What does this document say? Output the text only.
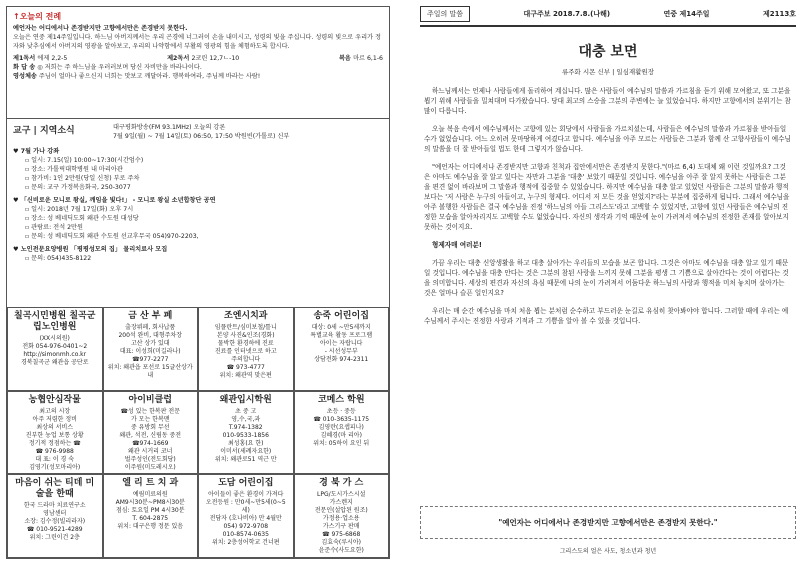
↑오늘의 전례
예언자는 어디에서나 존경받지만 고향에서만은 존경받지 못한다.
오늘은 연중 제14주일입니다. 하느님 아버지께서는 우리 곤경에 너그러이 손을 내미시고, 성령의 빛을 주십니다. 성령의 빛으로 우리가 정자와 낮추심에서 아버지의 영광을 알아보고, 우리의 나약함에서 부활의 영광의 힘을 체험하도록 합시다.
제1독서 에제 2,2-5	제2독서 2코린 12,7ㄴ-10	복음 마르 6,1-6
화 답 송 ◎ 저희는 주 하느님을 우러러보며 당신 자비만을 바라나이다.
영성체송 주님이 얼마나 좋으신지 너희는 맛보고 깨달아라. 행복하여라, 주님께 바라는 사람!
교구 | 지역소식	대구평화방송(FM 93.1MHz) 오늘의 강론
7월 9일(월) ~ 7월 14일(토) 06:50, 17:50 박원빈(가톨로) 신부
♥ 7월 가나 강좌
▫ 일시: 7.15(일) 10:00~17:30(시간엄수)
▫ 장소: 가톨릭대학병원 내 마리아관
▫ 참가비: 1인 2만원(당일 신청) 부로 주차
▫ 문의: 교구 가정복음화국, 250-3077
♥ 「신비로운 모니로 왕실, 깨임을 빛다!」 - 모니로 왕실 소년합창단 공연
▫ 일시: 2018년 7월 17일(화) 오후 7시
▫ 장소: 성 베네딕도회 왜관 수도원 대성당
▫ 관람료: 전석 2만원
▫ 문의: 성 베네딕도회 왜관 수도원 선교후무국 054)970-2203,
♥ 노인전문요양병원 「평평성모의 집」 물리치료사 모집
▫ 문의: 054)435-8122
칠곡시민병원 칠곡군립노인병원
(XX시의원)
전화 054-976-0401~2
http://simonmh.co.kr
경북칠곡군 왜관읍 공단로
금 산 부 페
출장뷔페, 회사납품
200석 완비, 대형주차장
고산 상가 있대
대표: 이성희(미길라나)
☎977-2277
위치: 왜관읍 포선로 15글산상가 내
조엔시치과
임플란트/심미보철/틀니
본양 사진&인조(경화)
물박한 환경하에 진료
진료를 인터넷으로 하고
주의합니다
☎ 973-4777
위치: 왜관역 맞은편
송죽 어린이집
대상: 0세 ~만5세까지
특별교육 활동 프로그램
아이는 자랍니다
- 시선성무부
상담전화 974-2311
농협안심작물
최고의 시장
아주 저렴한 정비
최상의 서비스
진부한 농업 보통 상황
정기적 정점하는 ☎
☎ 976-9988
대 표: 이 경 숙
김영기(성모마리아)
아이비클럽
☎성 있는 한복판 전문
가 모는 한복맨
중 유방회 무선
왜관, 석전, 신림동 중전
☎974-1669
왜관 시거리 코너
벌주성인(전도회당)
이주원(미도레시오)
왜관입시학원
초 중 고
영,수,국,과
T.974-1382
010-9533-1856
최성홍(요 한)
이미서(세례자요한)
위치: 왜관로51 역근 만
코메스 학원
초등 · 중등
☎ 010-3635-1175
김영란(요셉피나)
김혜경(마 리아)
위치: 05하이 요인 뒤
마음이 쉬는 티데 미술을 한때
한국 드라마 치료연구소
영남센터
소장: 김수정(빌리라자)
☎ 010-9521-4289
위치: 그린이건 2층
엘 리 트 치 과
예림미료의원
AM9시30분~PM8시30분
점심: 토요일 PM 4시30분
T. 604-2875
위치: 대구은행 정문 있음
도담 어린이집
아이들이 좋은 환경이 가져다
오전등원 : 만0세~만5세(0~5세)
전담자 (호나비아) 만 4월만
054) 972-9708
010-8574-0635
위치: 2층성어학교 건너편
경 북 가 스
LPG/도시가스시설
가스렌지
전문인(설압된 원조)
가정용·업소용
가스기구 판매
☎ 975-6868
김효숙(루시아)
윤준수(사도요한)
주일의 말씀	대구주보 2018.7.8.(나해)	연중 제14주일	제2113호
대충 보면
류주화 시몬 신부 | 일심재활원장

하느님께서는 언제나 사람들에게 돌리하여 계십니다. 많은 사람들이 예수님의 말씀과 가르침을 듣기 위해 모여왔고, 또 그분을 뵙기 위해 사람들을 밀쳐대며 다가왔습니다. 당대 최고의 스승을 그분의 주변에는 늘 있었습니다. 하지만 고향에서의 분위기는 참 많이 다릅니다.

오늘 복음 속에서 예수님께서는 고향에 있는 회당에서 사람들을 가르치셨는데, 사람들은 예수님의 말씀과 가르침을 받아들일 수가 없었습니다. 어느 오히려 못마땅하게 여겼다고 합니다. 예수님을 아주 모르는 사람들은 그분과 함께 산 고향사람들이 예수님의 말씀을 더 잘 받아들일 법도 한데 그렇지가 않습니다.

"예언자는 어디에서나 존경받지만 고향과 친척과 집안에서만은 존경받지 못한다."(마르 6,4) 도대체 왜 이런 것일까요? 그것은 아마도 예수님을 잘 알고 있다는 자만과 그분을 '대충' 보았기 때문일 것입니다. 예수님을 아주 잘 알지 못하는 사람들은 그분을 편견 없이 바라보며 그 말씀과 행적에 집중할 수 있었습니다. 하지만 예수님을 대충 알고 있었던 사람들은 그분의 말씀과 행적보다는 '저 사람은 누구의 아들이고, 누구의 형제다. 어디서 저 모든 것을 얻었지?'라는 부분에 집중하게 됩니다. 그래서 예수님을 아주 볼행한 사람들은 결국 예수님을 진정 '하느님의 아들 그리스도'라고 고백할 수 있었지만, 고향에 있던 사람들은 예수님의 진정한 모습을 알아차리지도 고백할 수도 없었습니다. 자신의 생각과 기억 때문에 눈이 가려져서 예수님의 진정한 존재를 알아보지 못하는 것이지요.

형제자매 여러분!

가끔 우리는 대충 신앙생활을 하고 대충 살아가는 우리들의 모습을 보곤 합니다. 그것은 아마도 예수님을 대충 알고 있기 때문일 것입니다. 예수님을 대충 안다는 것은 그분의 참된 사랑을 느끼지 못해 그분을 평생 그 기쁨으로 살아간다는 것이 어렵다는 것을 의미합니다. 세상의 편견과 자신의 욕심 때문에 나의 눈이 가려져서 어둠다운 하느님의 사랑과 행적을 미처 놓치며 살아가는 것은 얼마나 슬픈 일인지요?

우리는 매 순간 예수님을 마치 처음 뵙는 분처럼 순수하고 부드러운 눈길로 유심히 찾아봐야야 합니다. 그러할 때에 우리는 예수님께서 주시는 진정한 사랑과 기적과 그 기쁨을 알아 볼 수 있을 것입니다.

"예언자는 어디에서나 존경받지만 고향에서만은 존경받지 못한다."
그리스도의 얼은 사도, 청소년과 청년
